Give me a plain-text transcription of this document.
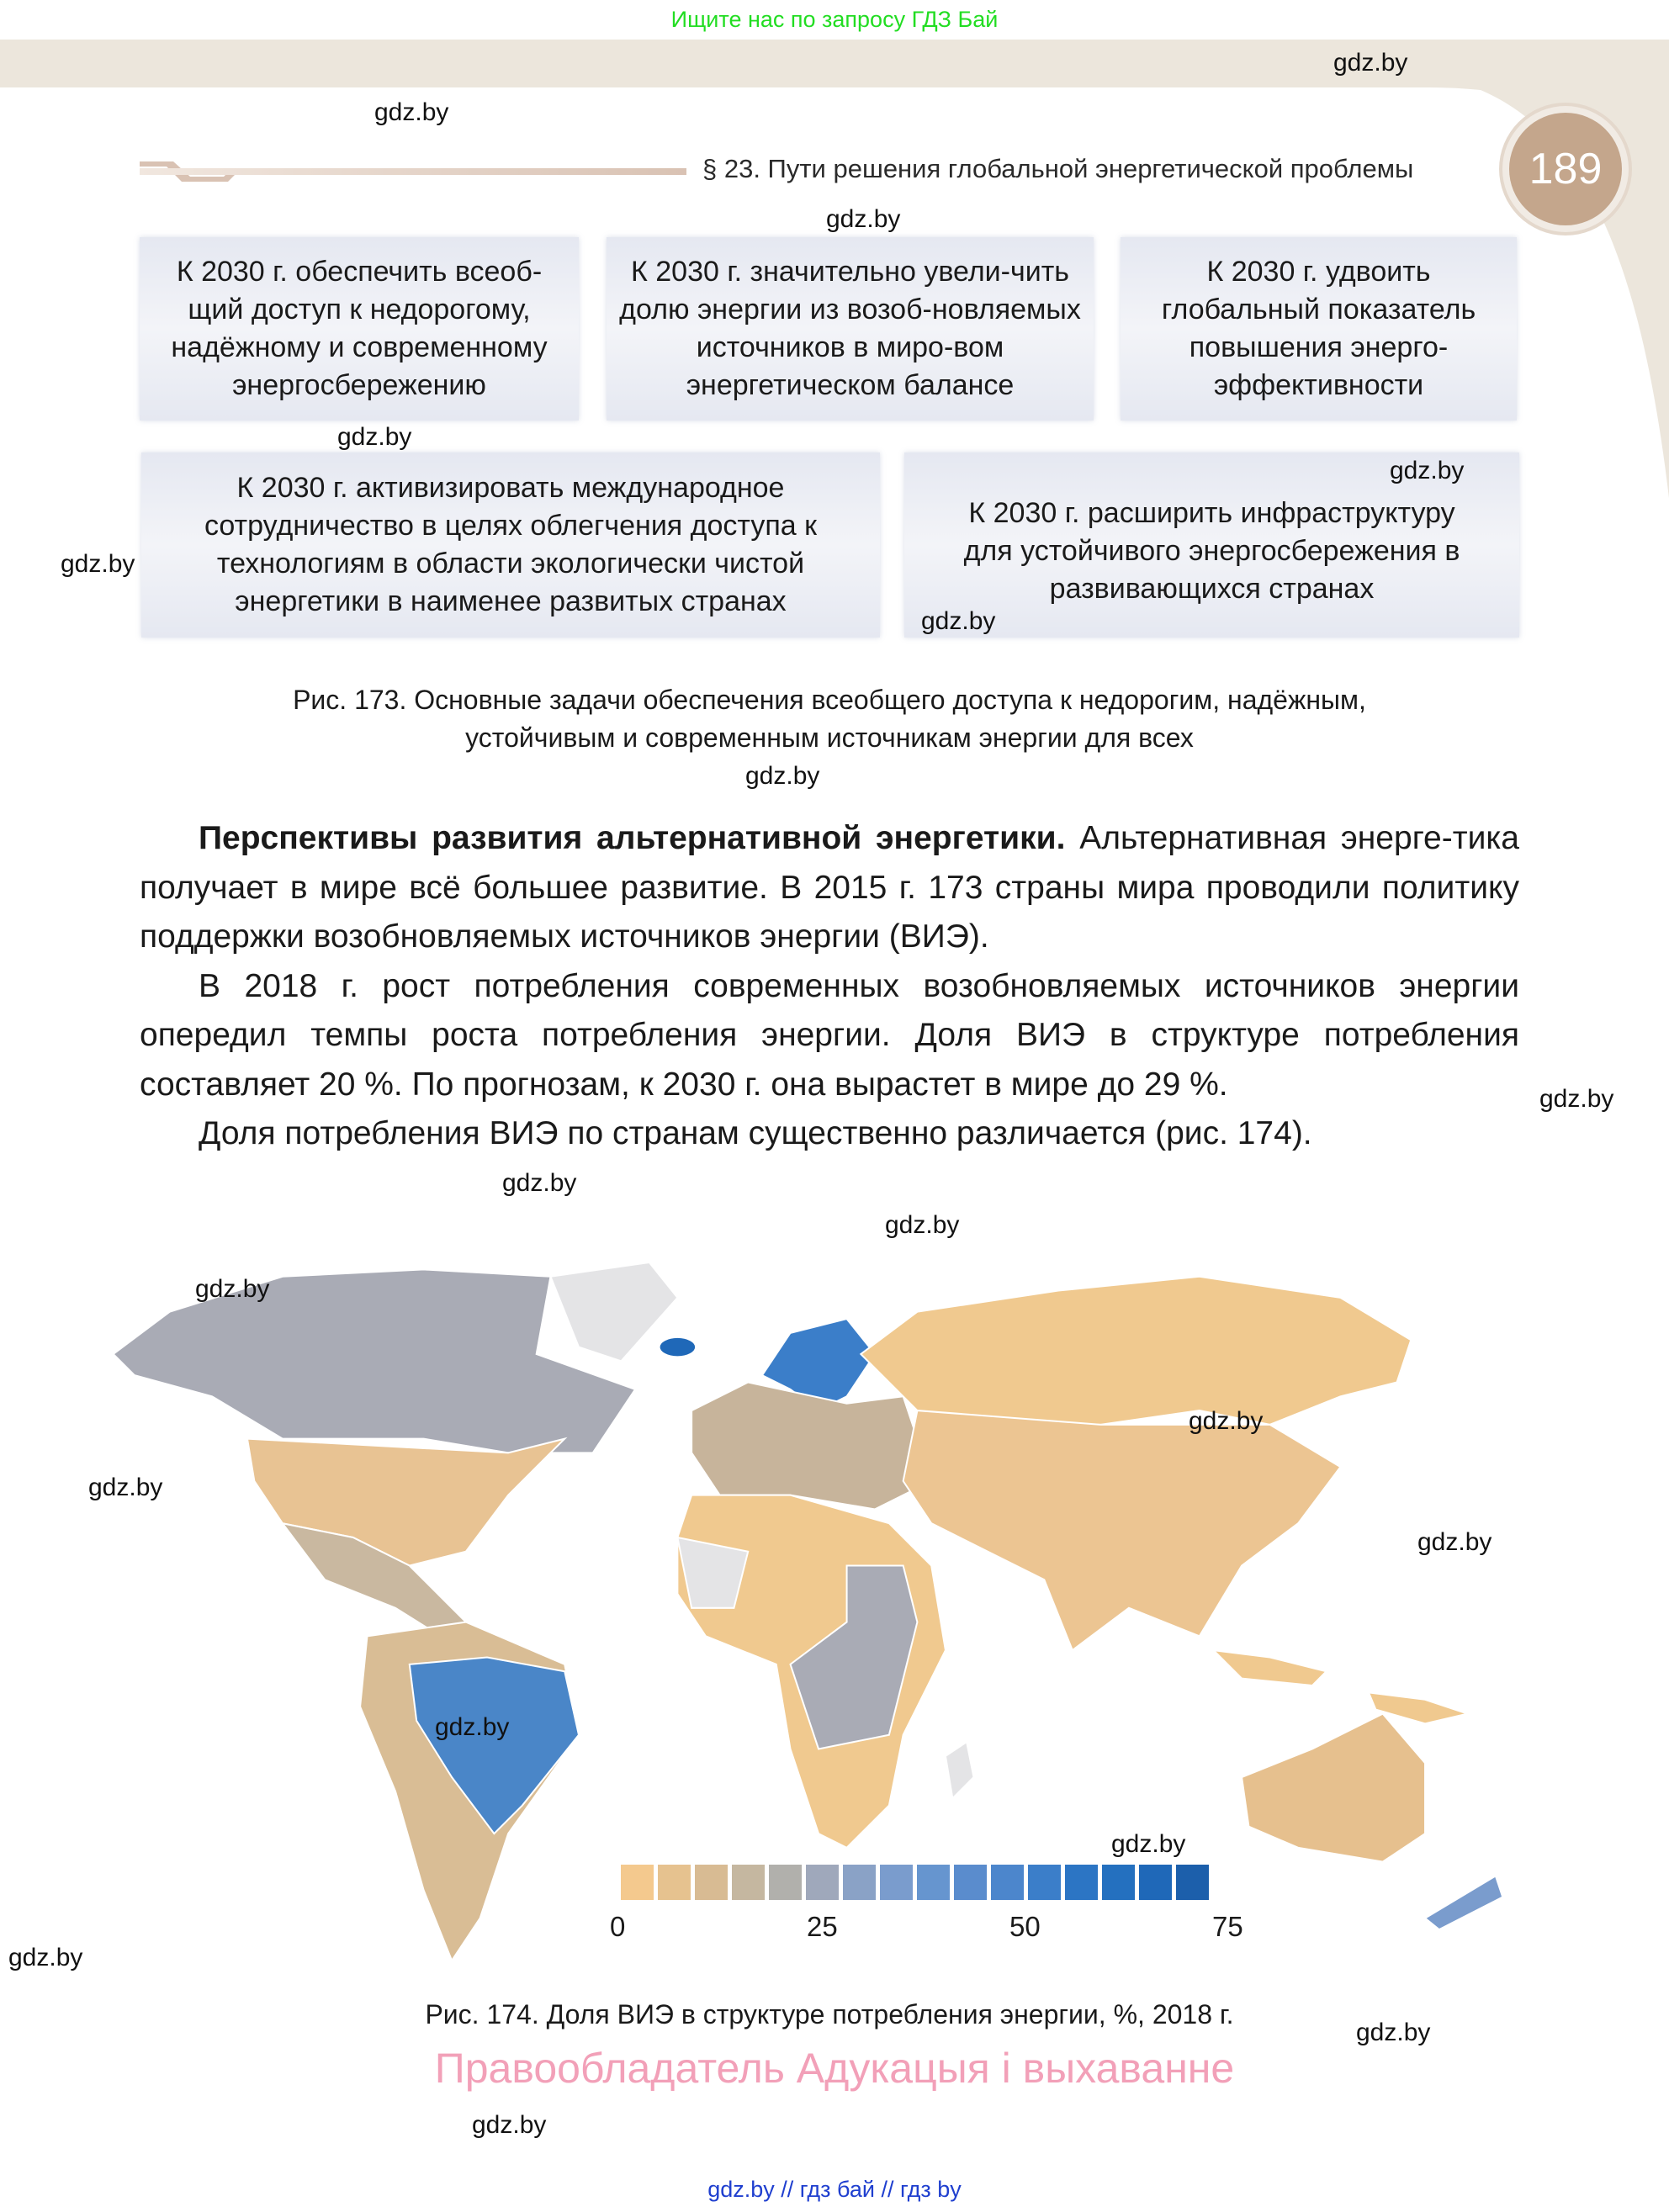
Ищите нас по запросу ГДЗ Бай
§ 23. Пути решения глобальной энергетической проблемы	189
К 2030 г. обеспечить всеоб-щий доступ к недорогому, надёжному и современному энергосбережению
К 2030 г. значительно увели-чить долю энергии из возоб-новляемых источников в миро-вом энергетическом балансе
К 2030 г. удвоить глобальный показатель повышения энерго-эффективности
К 2030 г. активизировать международное сотрудничество в целях облегчения доступа к технологиям в области экологически чистой энергетики в наименее развитых странах
К 2030 г. расширить инфраструктуру для устойчивого энергосбережения в развивающихся странах
Рис. 173. Основные задачи обеспечения всеобщего доступа к недорогим, надёжным,
устойчивым и современным источникам энергии для всех

Перспективы развития альтернативной энергетики. Альтернативная энерге-тика получает в мире всё большее развитие. В 2015 г. 173 страны мира проводили политику поддержки возобновляемых источников энергии (ВИЭ).

В 2018 г. рост потребления современных возобновляемых источников энергии опередил темпы роста потребления энергии. Доля ВИЭ в структуре потребления составляет 20 %. По прогнозам, к 2030 г. она вырастет в мире до 29 %.

Доля потребления ВИЭ по странам существенно различается (рис. 174).

0	25	50	75
Рис. 174. Доля ВИЭ в структуре потребления энергии, %, 2018 г.
Правообладатель Адукацыя і выхаванне
gdz.by // гдз бай // гдз by
gdz.by
gdz.by
gdz.by
gdz.by
gdz.by
gdz.by
gdz.by
gdz.by
gdz.by
gdz.by
gdz.by
gdz.by
gdz.by
gdz.by
gdz.by
gdz.by
gdz.by
gdz.by
gdz.by
gdz.by
